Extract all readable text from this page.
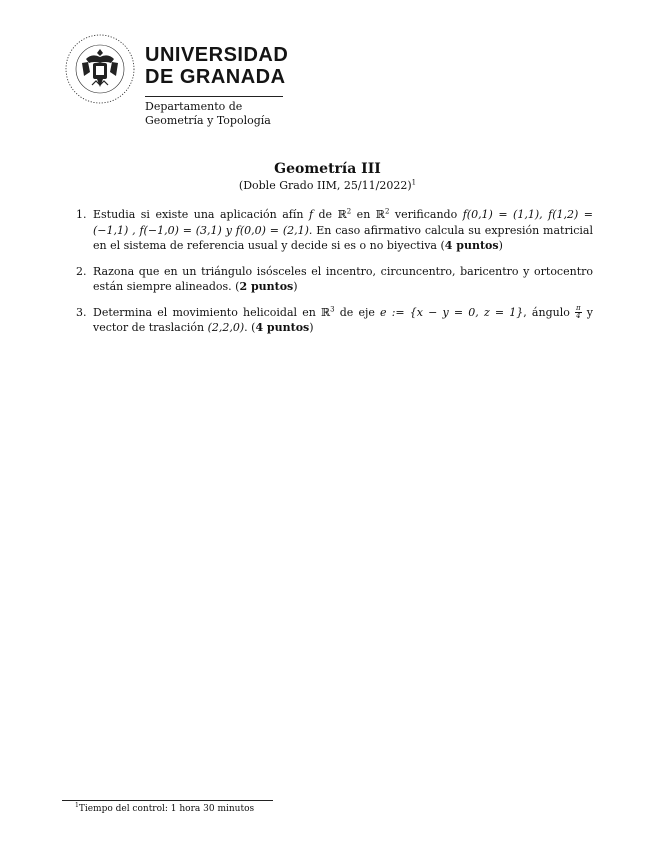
UNIVERSIDAD
DE GRANADA
Departamento de
Geometría y Topología
Geometría III
(Doble Grado IIM, 25/11/2022)$^1$
1. Estudia si existe una aplicación afín f de ℝ$^2$ en ℝ$^2$ verificando f(0,1) = (1,1), f(1,2) = (−1,1) , f(−1,0) = (3,1) y f(0,0) = (2,1). En caso afirmativo calcula su expresión matricial en el sistema de referencia usual y decide si es o no biyectiva (4 puntos)
2. Razona que en un triángulo isósceles el incentro, circuncentro, baricentro y ortocentro están siempre alineados. (2 puntos)
3. Determina el movimiento helicoidal en ℝ$^3$ de eje e := {x − y = 0, z = 1}, ángulo $\frac{\pi}{4}$ y vector de traslación (2,2,0). (4 puntos)
$^1$Tiempo del control: 1 hora 30 minutos
